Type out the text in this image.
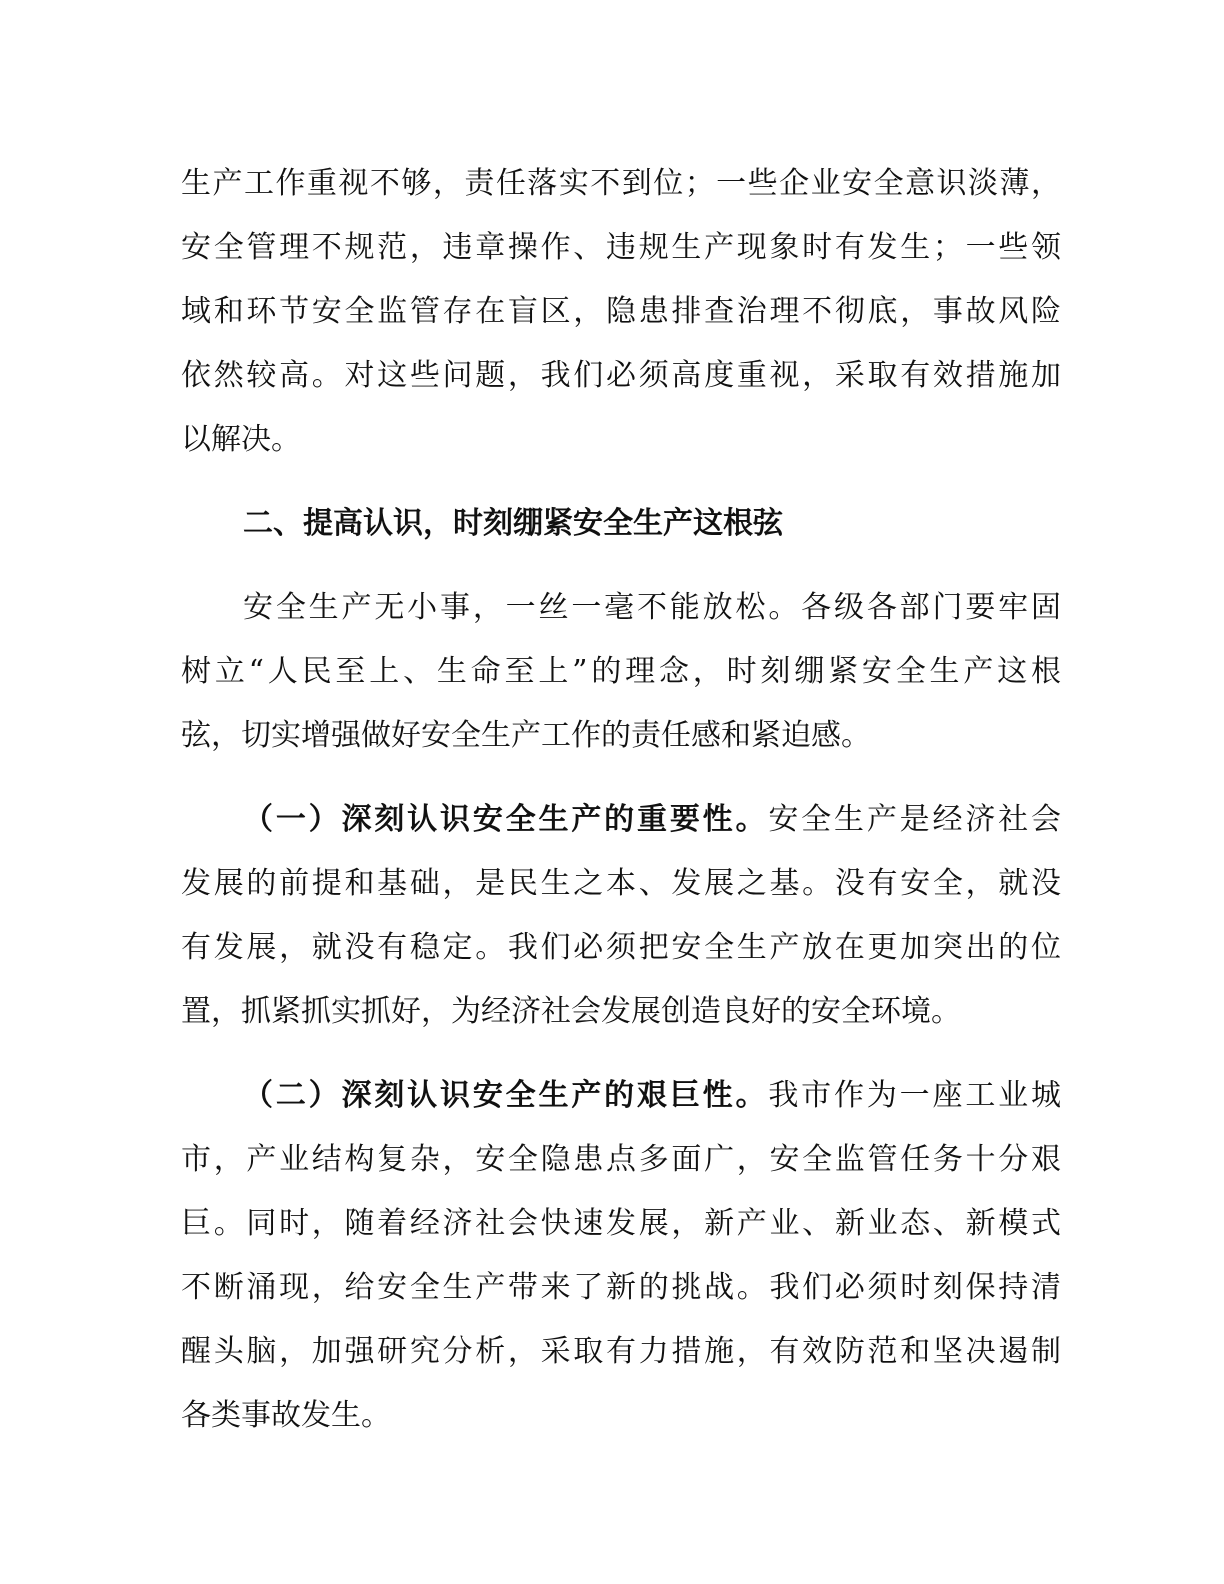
生产工作重视不够，责任落实不到位；一些企业安全意识淡薄，
安全管理不规范，违章操作、违规生产现象时有发生；一些领
域和环节安全监管存在盲区，隐患排查治理不彻底，事故风险
依然较高。对这些问题，我们必须高度重视，采取有效措施加
以解决。
二、提高认识，时刻绷紧安全生产这根弦
安全生产无小事，一丝一毫不能放松。各级各部门要牢固
树立“人民至上、生命至上”的理念，时刻绷紧安全生产这根
弦，切实增强做好安全生产工作的责任感和紧迫感。
（一）深刻认识安全生产的重要性。安全生产是经济社会
发展的前提和基础，是民生之本、发展之基。没有安全，就没
有发展，就没有稳定。我们必须把安全生产放在更加突出的位
置，抓紧抓实抓好，为经济社会发展创造良好的安全环境。
（二）深刻认识安全生产的艰巨性。我市作为一座工业城
市，产业结构复杂，安全隐患点多面广，安全监管任务十分艰
巨。同时，随着经济社会快速发展，新产业、新业态、新模式
不断涌现，给安全生产带来了新的挑战。我们必须时刻保持清
醒头脑，加强研究分析，采取有力措施，有效防范和坚决遏制
各类事故发生。
